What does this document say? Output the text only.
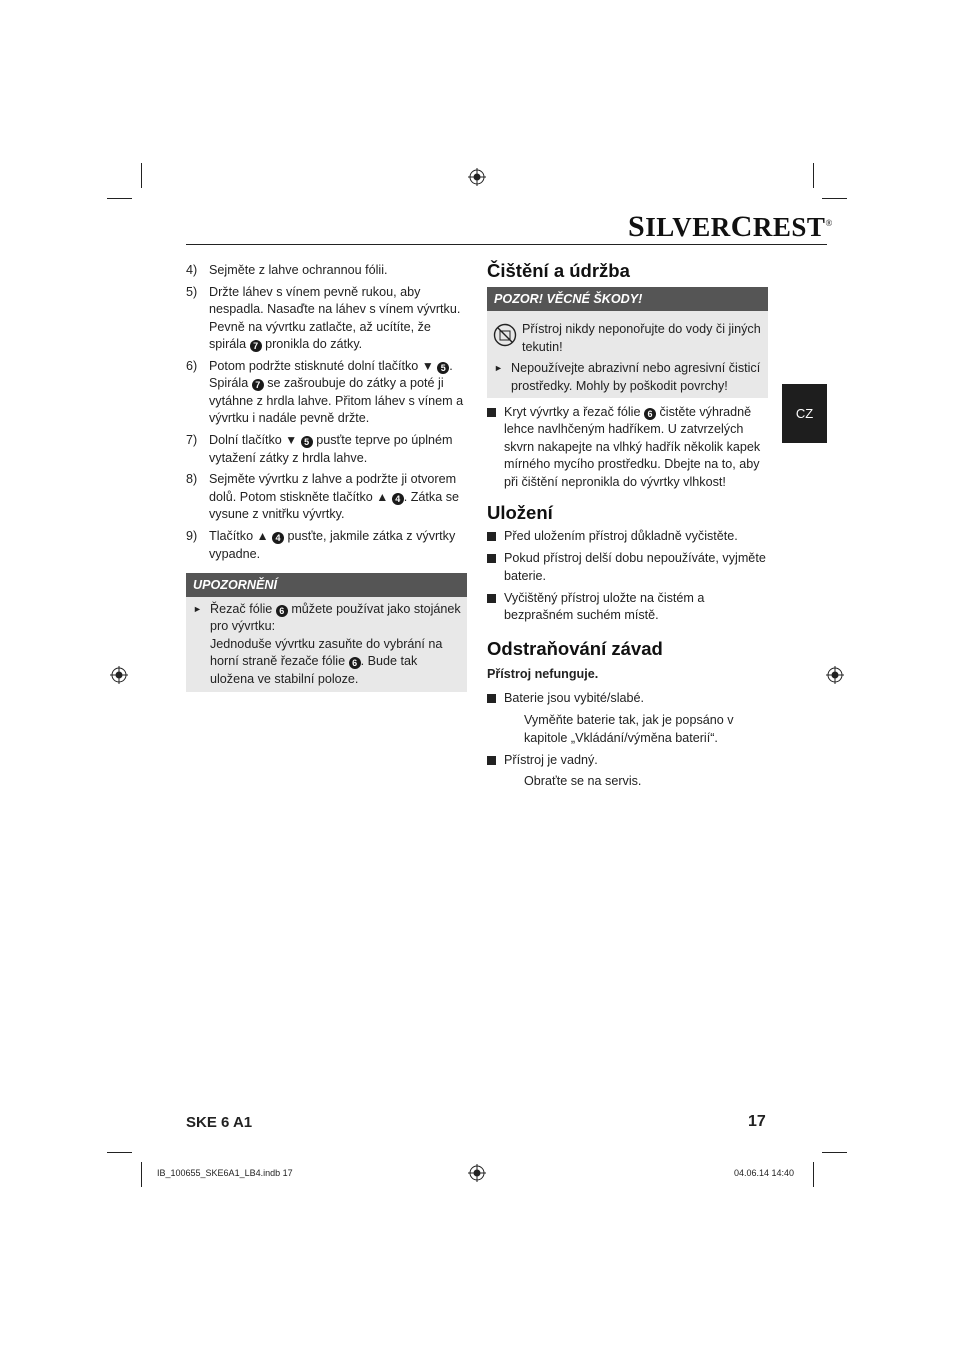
SILVERCREST®
CZ
4) Sejměte z lahve ochrannou fólii.
5) Držte láhev s vínem pevně rukou, aby nespadla. Nasaďte na láhev s vínem vývrtku. Pevně na vývrtku zatlačte, až ucítíte, že spirála 7 pronikla do zátky.
6) Potom podržte stisknuté dolní tlačítko ▼ 5 . Spirála 7 se zašroubuje do zátky a poté ji vytáhne z hrdla lahve. Přitom láhev s vínem a vývrtku i nadále pevně držte.
7) Dolní tlačítko ▼ 5 pusťte teprve po úplném vytažení zátky z hrdla lahve.
8) Sejměte vývrtku z lahve a podržte ji otvorem dolů. Potom stiskněte tlačítko ▲ 4 . Zátka se vysune z vnitřku vývrtky.
9) Tlačítko ▲ 4 pusťte, jakmile zátka z vývrtky vypadne.
UPOZORNĚNÍ
► Řezač fólie 6 můžete používat jako stojánek pro vývrtku:
Jednoduše vývrtku zasuňte do vybrání na horní straně řezače fólie 6 . Bude tak uložena ve stabilní poloze.
Čištění a údržba
POZOR! VĚCNÉ ŠKODY!
Přístroj nikdy neponořujte do vody či jiných tekutin!
► Nepoužívejte abrazivní nebo agresivní čisticí prostředky. Mohly by poškodit povrchy!
Kryt vývrtky a řezač fólie 6 čistěte výhradně lehce navlhčeným hadříkem. U zatvrzelých skvrn nakapejte na vlhký hadřík několik kapek mírného mycího prostředku. Dbejte na to, aby při čištění nepronikla do vývrtky vlhkost!
Uložení
Před uložením přístroj důkladně vyčistěte.
Pokud přístroj delší dobu nepoužíváte, vyjměte baterie.
Vyčištěný přístroj uložte na čistém a bezprašném suchém místě.
Odstraňování závad
Přístroj nefunguje.
Baterie jsou vybité/slabé.
Vyměňte baterie tak, jak je popsáno v kapitole „Vkládání/výměna baterií“.
Přístroj je vadný.
Obraťte se na servis.
SKE 6 A1	17
IB_100655_SKE6A1_LB4.indb 17	04.06.14 14:40
